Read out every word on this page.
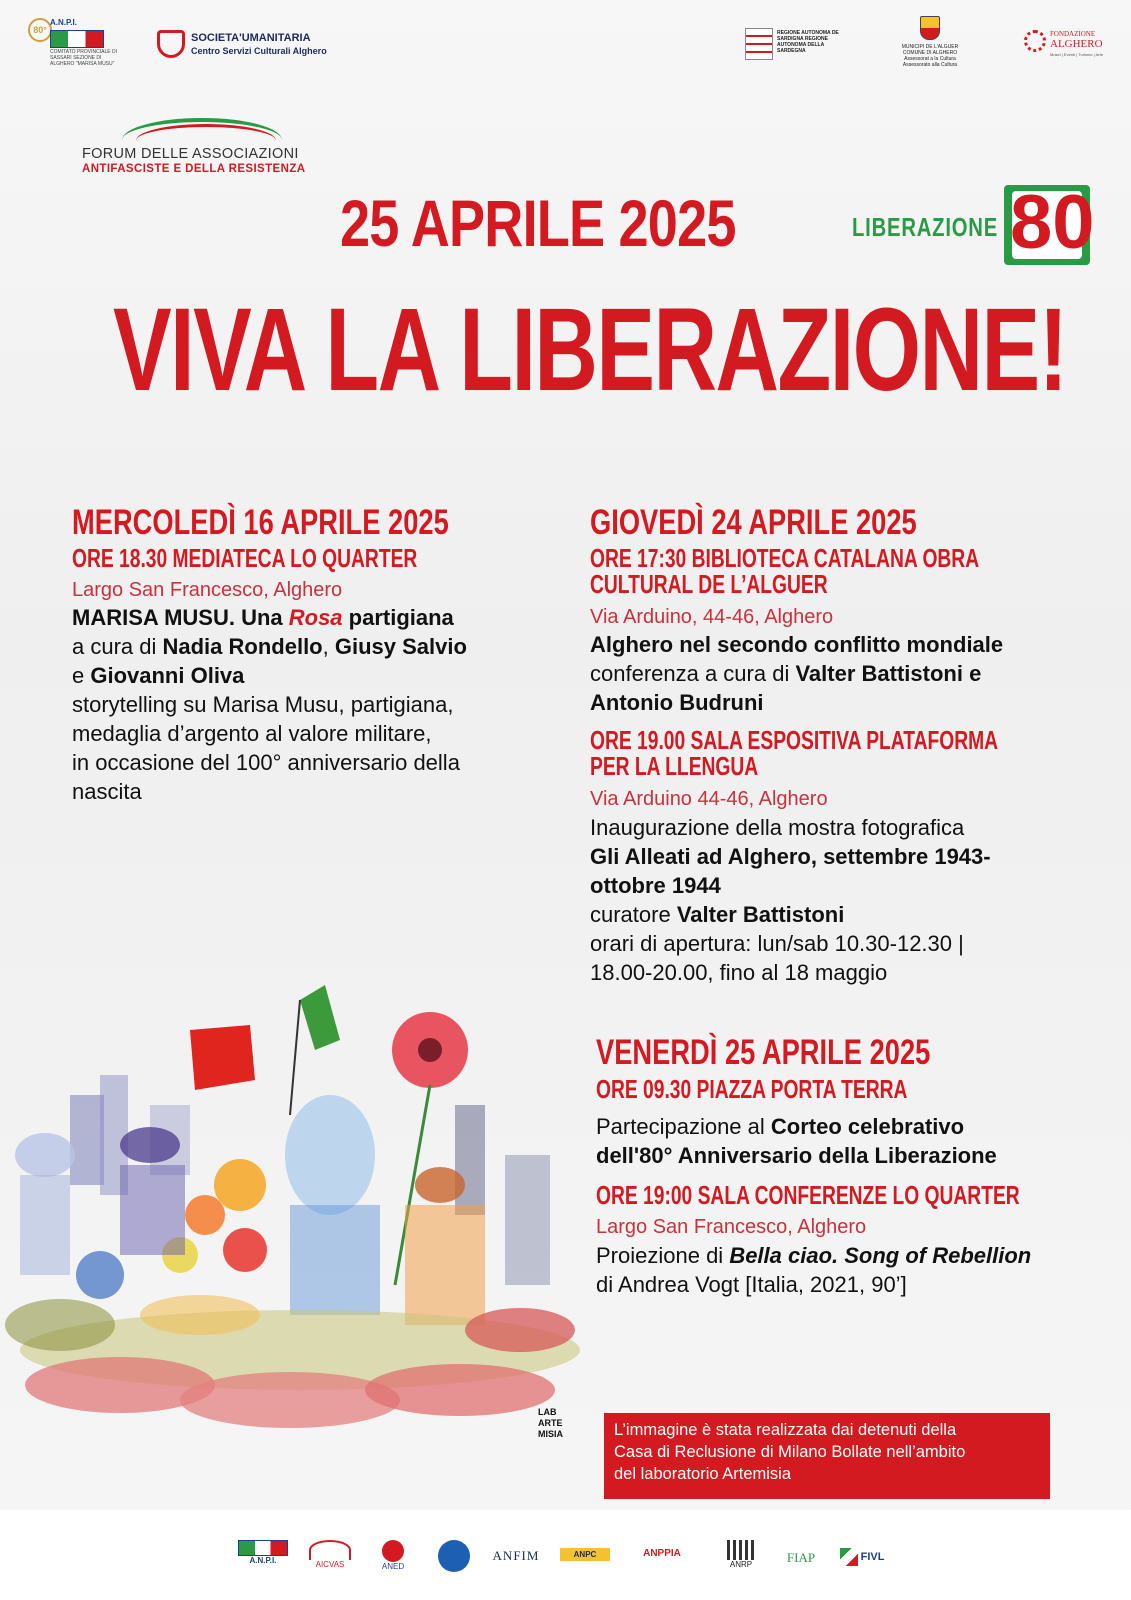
80°
A.N.P.I.
COMITATO PROVINCIALE DI SASSARI SEZIONE DI ALGHERO "MARISA MUSU"
SOCIETA'UMANITARIA
Centro Servizi Culturali Alghero
REGIONE AUTONOMA DE SARDIGNA REGIONE AUTONOMA DELLA SARDEGNA
MUNICIPI DE L'ALGUER COMUNE DI ALGHERO Assessorat a la Cultura Assessorato alla Cultura
FONDAZIONE
ALGHERO
Musei | Eventi | Turismo | Arte
FORUM DELLE ASSOCIAZIONI
ANTIFASCISTE E DELLA RESISTENZA
25 APRILE 2025
VIVA LA LIBERAZIONE!
LIBERAZIONE 80
MERCOLEDÌ 16 APRILE 2025
ORE 18.30 MEDIATECA LO QUARTER
Largo San Francesco, Alghero
MARISA MUSU. Una Rosa partigiana
a cura di Nadia Rondello, Giusy Salvio
e Giovanni Oliva
storytelling su Marisa Musu, partigiana,
medaglia d’argento al valore militare,
in occasione del 100° anniversario della
nascita
GIOVEDÌ 24 APRILE 2025
ORE 17:30 BIBLIOTECA CATALANA OBRA
CULTURAL DE L’ALGUER
Via Arduino, 44-46, Alghero
Alghero nel secondo conflitto mondiale
conferenza a cura di Valter Battistoni e
Antonio Budruni
ORE 19.00 SALA ESPOSITIVA PLATAFORMA
PER LA LLENGUA
Via Arduino 44-46, Alghero
Inaugurazione della mostra fotografica
Gli Alleati ad Alghero, settembre 1943-
ottobre 1944
curatore Valter Battistoni
orari di apertura: lun/sab 10.30-12.30 |
18.00-20.00, fino al 18 maggio
VENERDÌ 25 APRILE 2025
ORE 09.30 PIAZZA PORTA TERRA
Partecipazione al Corteo celebrativo
dell'80° Anniversario della Liberazione
ORE 19:00 SALA CONFERENZE LO QUARTER
Largo San Francesco, Alghero
Proiezione di Bella ciao. Song of Rebellion
di Andrea Vogt [Italia, 2021, 90’]
LAB
ARTE
MISIA	L’immagine è stata realizzata dai detenuti della
Casa di Reclusione di Milano Bollate nell’ambito
del laboratorio Artemisia
A.N.P.I.	AICVAS	ANED
ANFIM	ANPC	ANPPIA
ANRP	FIAP	FIVL
